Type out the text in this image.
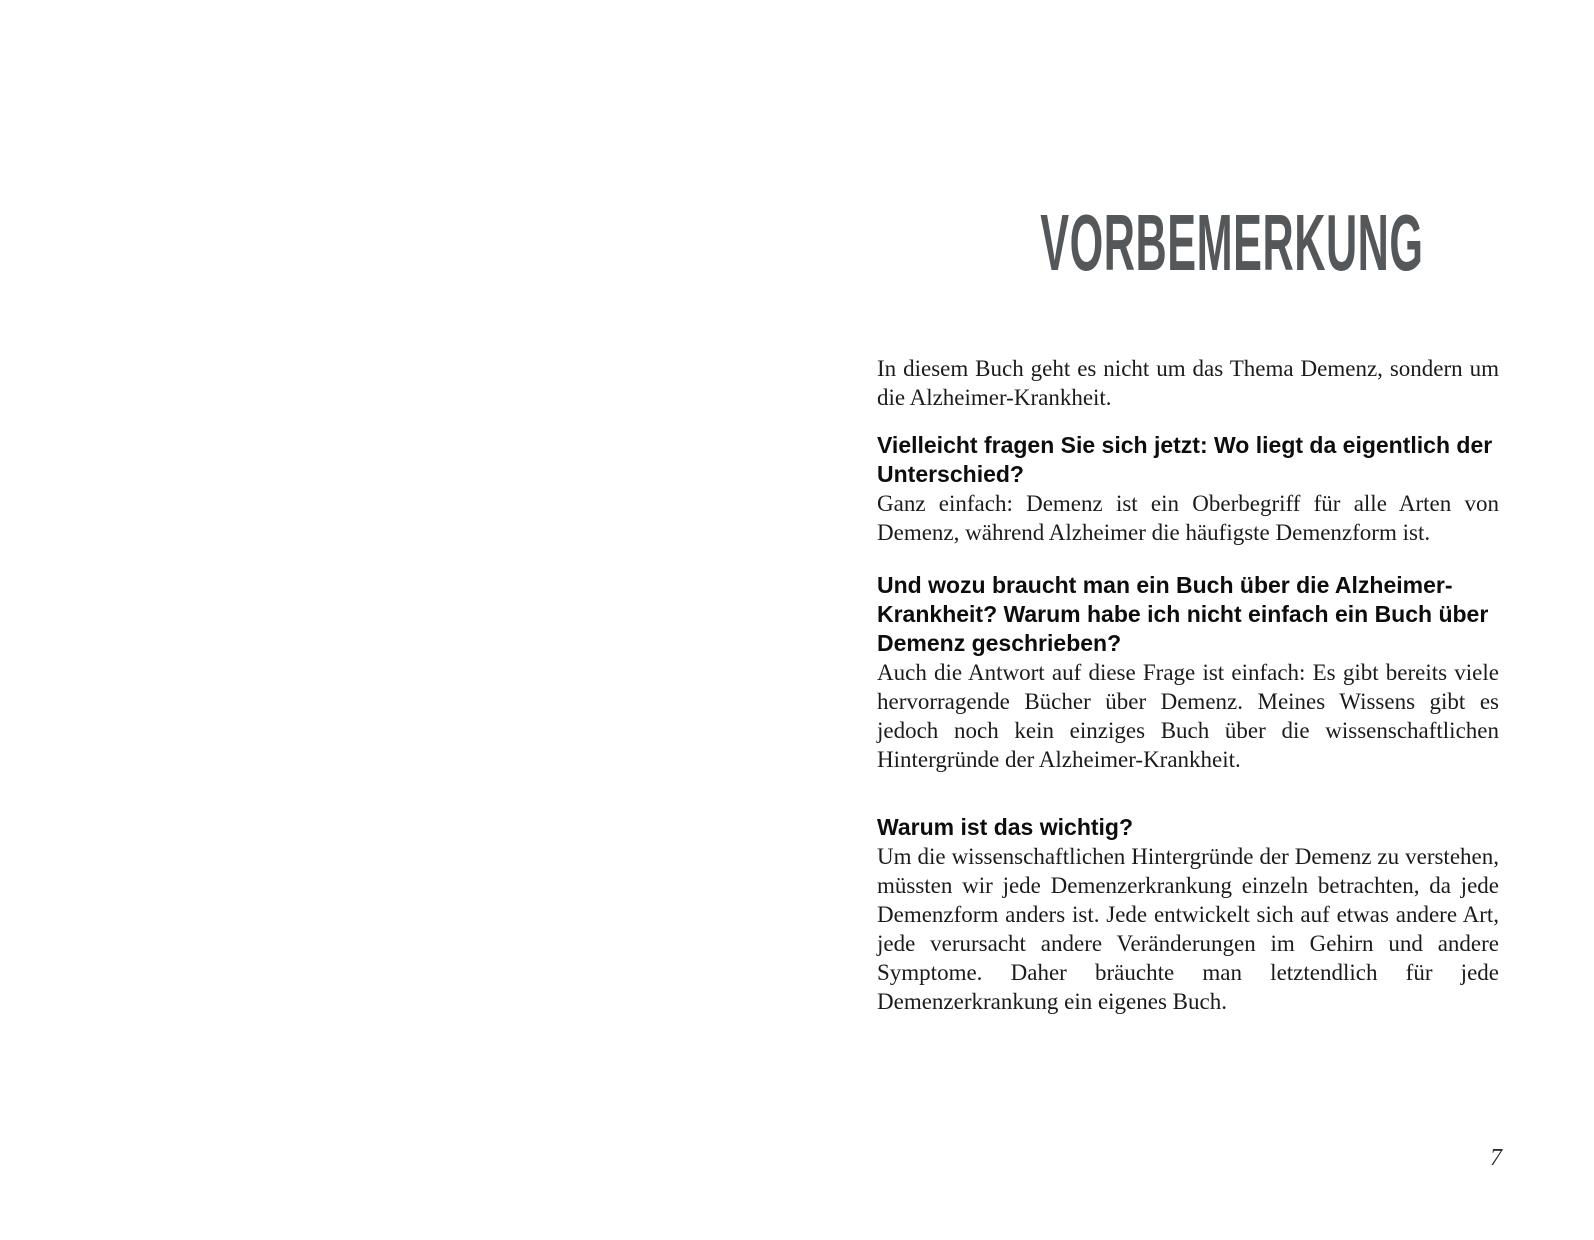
VORBEMERKUNG

In diesem Buch geht es nicht um das Thema Demenz, sondern um die Alzheimer-Krankheit.

Vielleicht fragen Sie sich jetzt: Wo liegt da eigentlich der Unterschied?

Ganz einfach: Demenz ist ein Oberbegriff für alle Arten von Demenz, während Alzheimer die häufigste Demenzform ist.

Und wozu braucht man ein Buch über die Alzheimer-Krankheit? Warum habe ich nicht einfach ein Buch über Demenz geschrieben?

Auch die Antwort auf diese Frage ist einfach: Es gibt bereits viele hervorragende Bücher über Demenz. Meines Wissens gibt es jedoch noch kein einziges Buch über die wissenschaftlichen Hintergründe der Alzheimer-Krankheit.

Warum ist das wichtig?

Um die wissenschaftlichen Hintergründe der Demenz zu verstehen, müssten wir jede Demenzerkrankung einzeln betrachten, da jede Demenzform anders ist. Jede entwickelt sich auf etwas andere Art, jede verursacht andere Veränderungen im Gehirn und andere Symptome. Daher bräuchte man letztendlich für jede Demenzerkrankung ein eigenes Buch.

7
